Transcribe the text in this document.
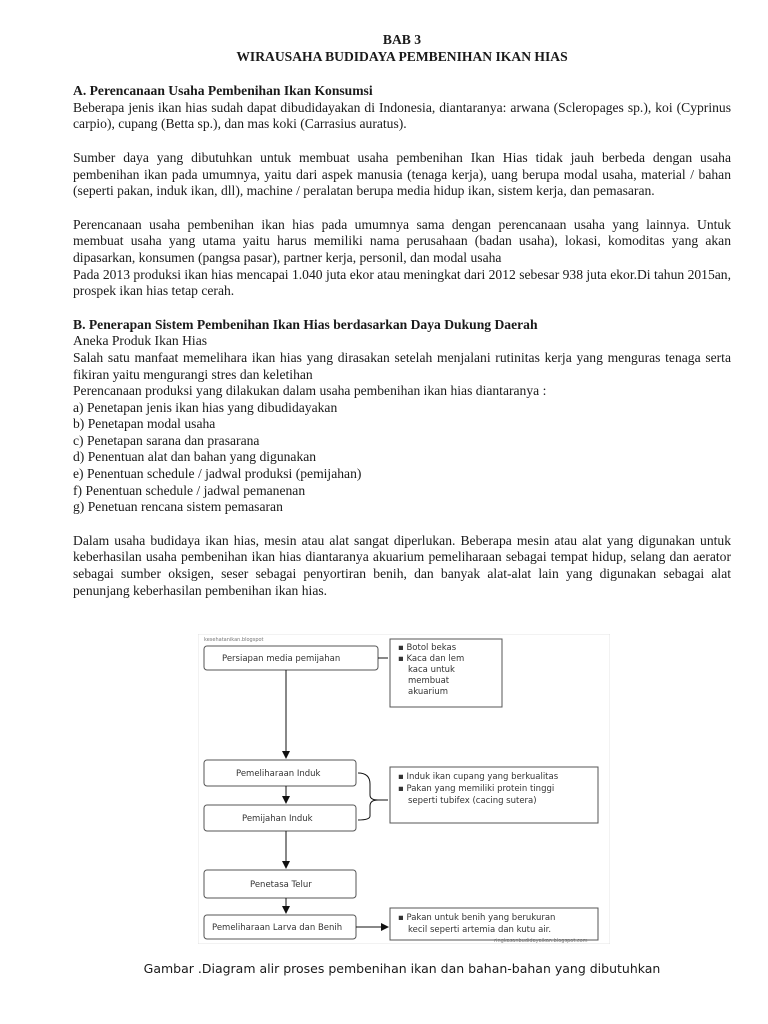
BAB 3
WIRAUSAHA BUDIDAYA PEMBENIHAN IKAN HIAS
A. Perencanaan Usaha Pembenihan Ikan Konsumsi

Beberapa jenis ikan hias sudah dapat dibudidayakan di Indonesia, diantaranya: arwana (Scleropages sp.), koi (Cyprinus carpio), cupang (Betta sp.), dan mas koki (Carrasius auratus).

Sumber daya yang dibutuhkan untuk membuat usaha pembenihan Ikan Hias tidak jauh berbeda dengan usaha pembenihan ikan pada umumnya, yaitu dari aspek manusia (tenaga kerja), uang berupa modal usaha, material / bahan (seperti pakan, induk ikan, dll), machine / peralatan berupa media hidup ikan, sistem kerja, dan pemasaran.

Perencanaan usaha pembenihan ikan hias pada umumnya sama dengan perencanaan usaha yang lainnya. Untuk membuat usaha yang utama yaitu harus memiliki nama perusahaan (badan usaha), lokasi, komoditas yang akan dipasarkan, konsumen (pangsa pasar), partner kerja, personil, dan modal usaha

Pada 2013 produksi ikan hias mencapai 1.040 juta ekor atau meningkat dari 2012 sebesar 938 juta ekor.Di tahun 2015an, prospek ikan hias tetap cerah.

B. Penerapan Sistem Pembenihan Ikan Hias berdasarkan Daya Dukung Daerah

Aneka Produk Ikan Hias

Salah satu manfaat memelihara ikan hias yang dirasakan setelah menjalani rutinitas kerja yang menguras tenaga serta fikiran yaitu mengurangi stres dan keletihan

Perencanaan produksi yang dilakukan dalam usaha pembenihan ikan hias diantaranya :

a) Penetapan jenis ikan hias yang dibudidayakan
b) Penetapan modal usaha
c) Penetapan sarana dan prasarana
d) Penentuan alat dan bahan yang digunakan
e) Penentuan schedule / jadwal produksi (pemijahan)
f) Penentuan schedule / jadwal pemanenan
g) Penetuan rencana sistem pemasaran

Dalam usaha budidaya ikan hias, mesin atau alat sangat diperlukan. Beberapa mesin atau alat yang digunakan untuk keberhasilan usaha pembenihan ikan hias diantaranya akuarium pemeliharaan sebagai tempat hidup, selang dan aerator sebagai sumber oksigen, seser sebagai penyortiran benih, dan banyak alat-alat lain yang digunakan sebagai alat penunjang keberhasilan pembenihan ikan hias.

kesehatanikan.blogspot
Persiapan media pemijahan
▪ Botol bekas
▪ Kaca dan lem
kaca untuk
membuat
akuarium
Pemeliharaan Induk
Pemijahan Induk
▪ Induk ikan cupang yang berkualitas
▪ Pakan yang memiliki protein tinggi
seperti tubifex (cacing sutera)
Penetasa Telur
Pemeliharaan Larva dan Benih
▪ Pakan untuk benih yang berukuran
kecil seperti artemia dan kutu air.
ringkasanbudidayaikan.blogspot.com
Gambar .Diagram alir proses pembenihan ikan dan bahan-bahan yang dibutuhkan
